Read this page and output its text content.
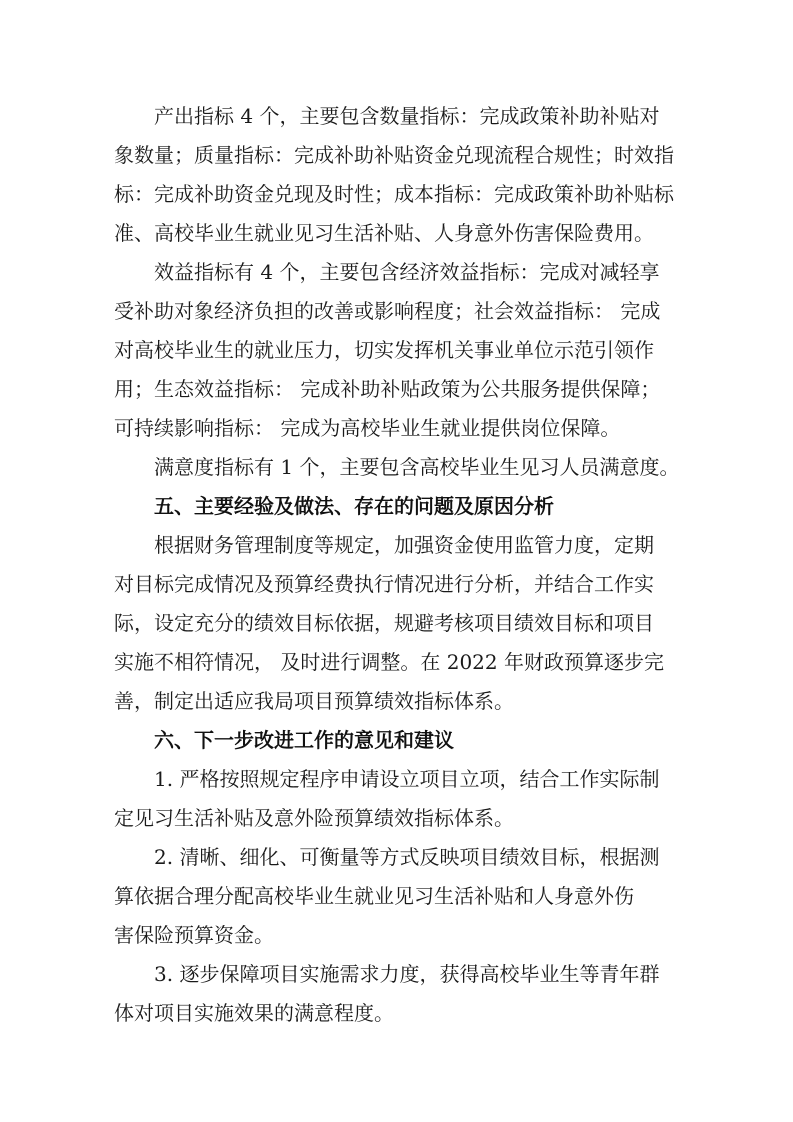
产出指标 4 个，主要包含数量指标：完成政策补助补贴对
象数量；质量指标：完成补助补贴资金兑现流程合规性；时效指
标：完成补助资金兑现及时性；成本指标：完成政策补助补贴标
准、高校毕业生就业见习生活补贴、人身意外伤害保险费用。
效益指标有 4 个，主要包含经济效益指标：完成对减轻享
受补助对象经济负担的改善或影响程度；社会效益指标： 完成
对高校毕业生的就业压力，切实发挥机关事业单位示范引领作
用；生态效益指标： 完成补助补贴政策为公共服务提供保障；
可持续影响指标： 完成为高校毕业生就业提供岗位保障。
满意度指标有 1 个，主要包含高校毕业生见习人员满意度。
五、主要经验及做法、存在的问题及原因分析
根据财务管理制度等规定，加强资金使用监管力度，定期
对目标完成情况及预算经费执行情况进行分析，并结合工作实
际，设定充分的绩效目标依据，规避考核项目绩效目标和项目
实施不相符情况， 及时进行调整。在 2022 年财政预算逐步完
善，制定出适应我局项目预算绩效指标体系。
六、下一步改进工作的意见和建议
1. 严格按照规定程序申请设立项目立项，结合工作实际制
定见习生活补贴及意外险预算绩效指标体系。
2. 清晰、细化、可衡量等方式反映项目绩效目标，根据测
算依据合理分配高校毕业生就业见习生活补贴和人身意外伤
害保险预算资金。
3. 逐步保障项目实施需求力度，获得高校毕业生等青年群
体对项目实施效果的满意程度。
